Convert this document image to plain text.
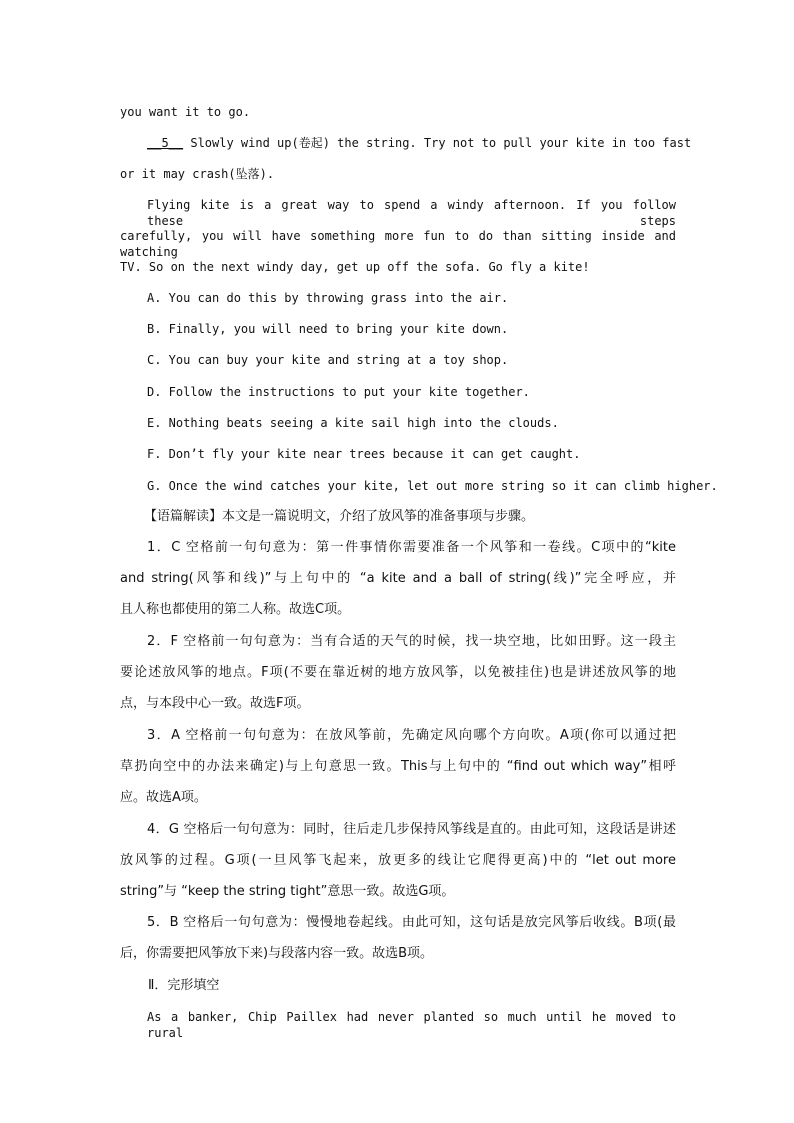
you want it to go.

__5__ Slowly wind up(卷起) the string. Try not to pull your kite in too fast

or it may crash(坠落).

Flying kite is a great way to spend a windy afternoon. If you follow these steps

carefully, you will have something more fun to do than sitting inside and watching

TV. So on the next windy day, get up off the sofa. Go fly a kite!

A. You can do this by throwing grass into the air.

B. Finally, you will need to bring your kite down.

C. You can buy your kite and string at a toy shop.

D. Follow the instructions to put your kite together.

E. Nothing beats seeing a kite sail high into the clouds.

F. Don’t fly your kite near trees because it can get caught.

G. Once the wind catches your kite, let out more string so it can climb higher.

【语篇解读】本文是一篇说明文，介绍了放风筝的准备事项与步骤。

1．C 空格前一句句意为：第一件事情你需要准备一个风筝和一卷线。C项中的“kite

and string(风筝和线)”与上句中的 “a kite and a ball of string(线)”完全呼应，并

且人称也都使用的第二人称。故选C项。

2．F 空格前一句句意为：当有合适的天气的时候，找一块空地，比如田野。这一段主

要论述放风筝的地点。F项(不要在靠近树的地方放风筝，以免被挂住)也是讲述放风筝的地

点，与本段中心一致。故选F项。

3．A 空格前一句句意为：在放风筝前，先确定风向哪个方向吹。A项(你可以通过把

草扔向空中的办法来确定)与上句意思一致。This与上句中的 “find out which way”相呼

应。故选A项。

4．G 空格后一句句意为：同时，往后走几步保持风筝线是直的。由此可知，这段话是讲述

放风筝的过程。G项(一旦风筝飞起来，放更多的线让它爬得更高)中的 “let out more

string”与 “keep the string tight”意思一致。故选G项。

5．B 空格后一句句意为：慢慢地卷起线。由此可知，这句话是放完风筝后收线。B项(最

后，你需要把风筝放下来)与段落内容一致。故选B项。

Ⅱ．完形填空

As a banker, Chip Paillex had never planted so much until he moved to rural
